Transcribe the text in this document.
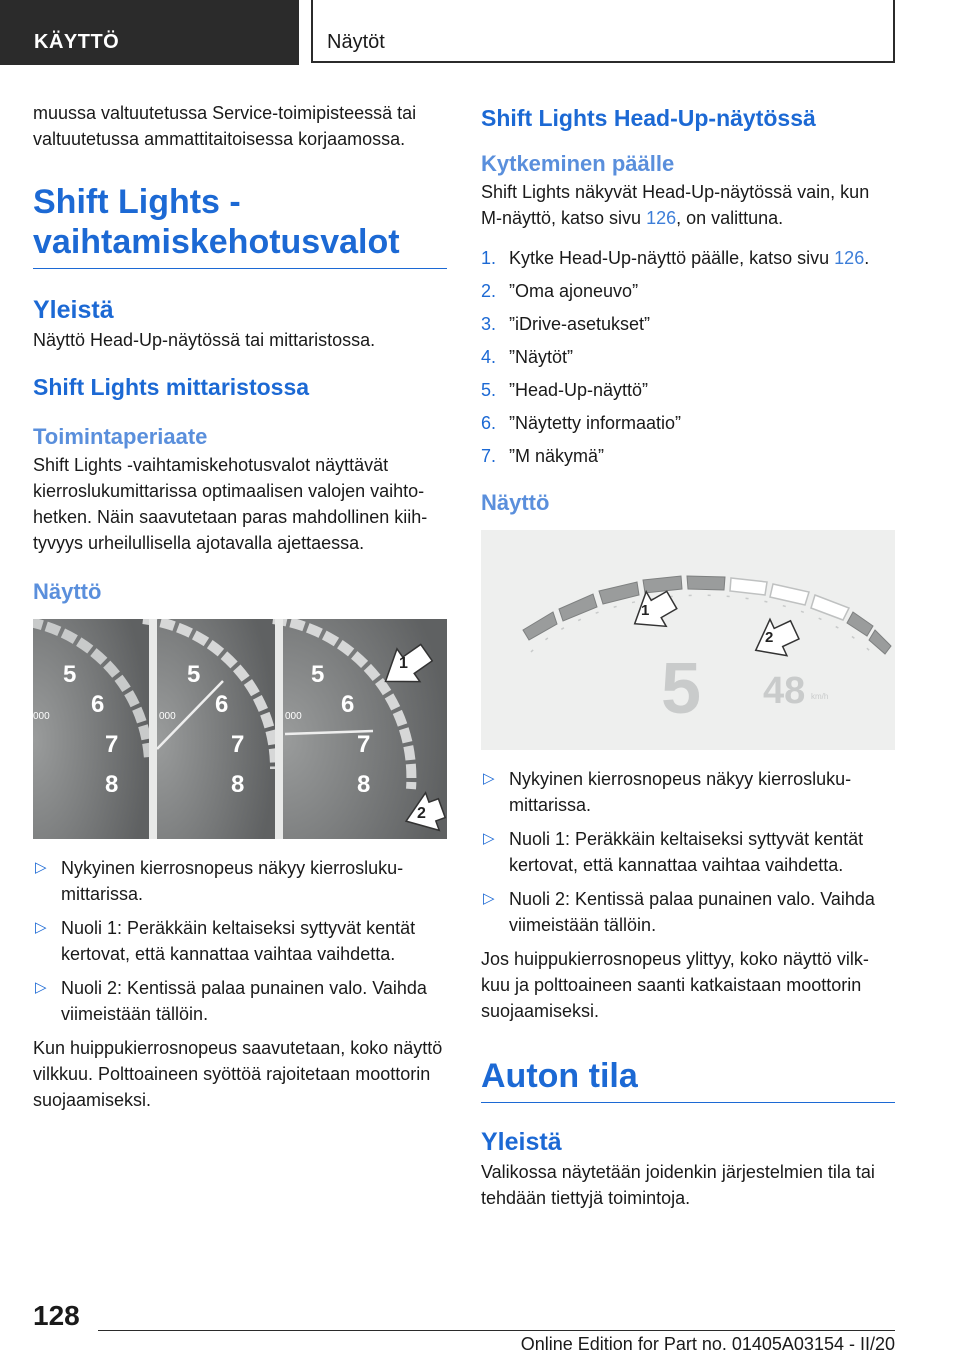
KÄYTTÖ	Näytöt

muussa valtuutetussa Service-toimipisteessä tai valtuutetussa ammattitaitoisessa korjaamossa.

Shift Lights - vaihtamiskehotusvalot
Yleistä

Näyttö Head-Up-näytössä tai mittaristossa.

Shift Lights mittaristossa
Toimintaperiaate

Shift Lights -vaihtamiskehotusvalot näyttävät kierroslukumittarissa optimaalisen valojen vaihto-hetken. Näin saavutetaan paras mahdollinen kiih-tyvyys urheilullisella ajotavalla ajettaessa.

Näyttö
5
6
7
8
000
5
6
7
8
000
5
6
7
8
000
1
2
▷ Nykyinen kierrosnopeus näkyy kierrosluku-mittarissa.
▷ Nuoli 1: Peräkkäin keltaiseksi syttyvät kentät kertovat, että kannattaa vaihtaa vaihdetta.
▷ Nuoli 2: Kentissä palaa punainen valo. Vaihda viimeistään tällöin.

Kun huippukierrosnopeus saavutetaan, koko näyttö vilkkuu. Polttoaineen syöttöä rajoitetaan moottorin suojaamiseksi.

Shift Lights Head-Up-näytössä
Kytkeminen päälle

Shift Lights näkyvät Head-Up-näytössä vain, kun M-näyttö, katso sivu 126, on valittuna.

1. Kytke Head-Up-näyttö päälle, katso sivu 126.
2. ”Oma ajoneuvo”
3. ”iDrive-asetukset”
4. ”Näytöt”
5. ”Head-Up-näyttö”
6. ”Näytetty informaatio”
7. ”M näkymä”
Näyttö
5 48 km/h
1
2
▷ Nykyinen kierrosnopeus näkyy kierrosluku-mittarissa.
▷ Nuoli 1: Peräkkäin keltaiseksi syttyvät kentät kertovat, että kannattaa vaihtaa vaihdetta.
▷ Nuoli 2: Kentissä palaa punainen valo. Vaihda viimeistään tällöin.

Jos huippukierrosnopeus ylittyy, koko näyttö vilk-kuu ja polttoaineen saanti katkaistaan moottorin suojaamiseksi.

Auton tila
Yleistä

Valikossa näytetään joidenkin järjestelmien tila tai tehdään tiettyjä toimintoja.

128
Online Edition for Part no. 01405A03154 - II/20
